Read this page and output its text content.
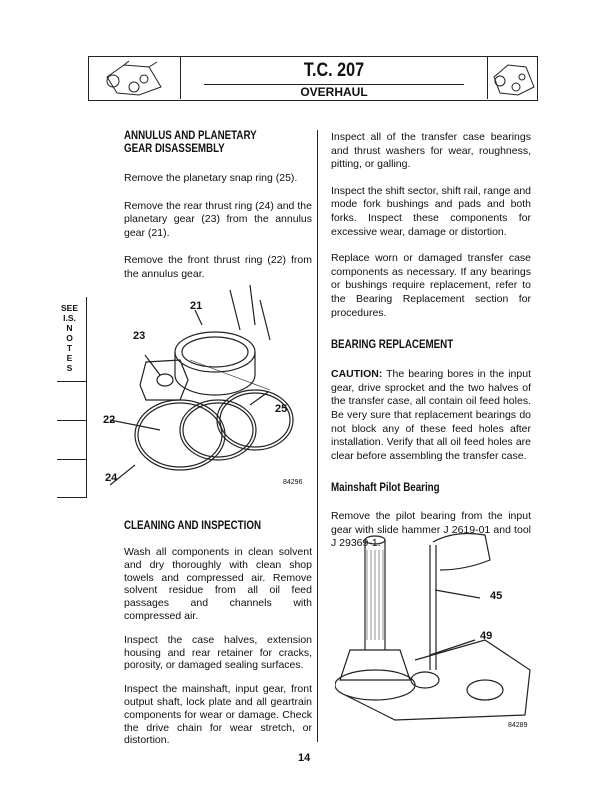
T.C. 207
OVERHAUL
SEE
I.S.
N
O
T
E
S
ANNULUS AND PLANETARY
GEAR DISASSEMBLY

Remove the planetary snap ring (25).

Remove the rear thrust ring (24) and the planetary gear (23) from the annulus gear (21).

Remove the front thrust ring (22) from the annulus gear.

21
23
25
22
24	84296
CLEANING AND INSPECTION

Wash all components in clean solvent and dry thoroughly with clean shop towels and compressed air. Remove solvent residue from all oil feed passages and channels with compressed air.

Inspect the case halves, extension housing and rear retainer for cracks, porosity, or damaged sealing surfaces.

Inspect the mainshaft, input gear, front output shaft, lock plate and all geartrain components for wear or damage. Check the drive chain for wear stretch, or distortion.

Inspect all of the transfer case bearings and thrust washers for wear, roughness, pitting, or galling.

Inspect the shift sector, shift rail, range and mode fork bushings and pads and both forks. Inspect these components for excessive wear, damage or distortion.

Replace worn or damaged transfer case components as necessary. If any bearings or bushings require replacement, refer to the Bearing Replacement section for procedures.

BEARING REPLACEMENT

CAUTION: The bearing bores in the input gear, drive sprocket and the two halves of the transfer case, all contain oil feed holes. Be very sure that replacement bearings do not block any of these feed holes after installation. Verify that all oil feed holes are clear before assembling the transfer case.

Mainshaft Pilot Bearing

Remove the pilot bearing from the input gear with slide hammer J 2619-01 and tool J 29369-1.

45
49
84289
14
